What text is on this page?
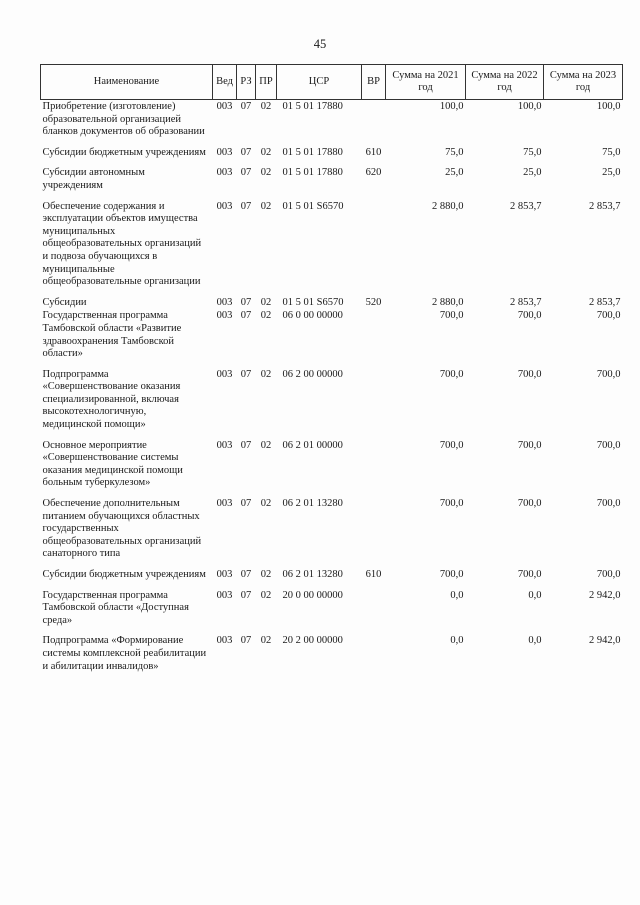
45
Наименование	Вед	РЗ	ПР	ЦСР	ВР	Сумма на 2021 год	Сумма на 2022 год	Сумма на 2023 год
Приобретение (изготовление) образовательной организацией бланков документов об образовании	003	07	02	01 5 01 17880		100,0	100,0	100,0
Субсидии бюджетным учреждениям	003	07	02	01 5 01 17880	610	75,0	75,0	75,0
Субсидии автономным учреждениям	003	07	02	01 5 01 17880	620	25,0	25,0	25,0
Обеспечение содержания и эксплуатации объектов имущества муниципальных общеобразовательных организаций и подвоза обучающихся в муниципальные общеобразовательные организации	003	07	02	01 5 01 S6570		2 880,0	2 853,7	2 853,7
Субсидии	003	07	02	01 5 01 S6570	520	2 880,0	2 853,7	2 853,7
Государственная программа Тамбовской области «Развитие здравоохранения Тамбовской области»	003	07	02	06 0 00 00000		700,0	700,0	700,0
Подпрограмма «Совершенствование оказания специализированной, включая высокотехнологичную, медицинской помощи»	003	07	02	06 2 00 00000		700,0	700,0	700,0
Основное мероприятие «Совершенствование системы оказания медицинской помощи больным туберкулезом»	003	07	02	06 2 01 00000		700,0	700,0	700,0
Обеспечение дополнительным питанием обучающихся областных государственных общеобразовательных организаций санаторного типа	003	07	02	06 2 01 13280		700,0	700,0	700,0
Субсидии бюджетным учреждениям	003	07	02	06 2 01 13280	610	700,0	700,0	700,0
Государственная программа Тамбовской области «Доступная среда»	003	07	02	20 0 00 00000		0,0	0,0	2 942,0
Подпрограмма «Формирование системы комплексной реабилитации и абилитации инвалидов»	003	07	02	20 2 00 00000		0,0	0,0	2 942,0
